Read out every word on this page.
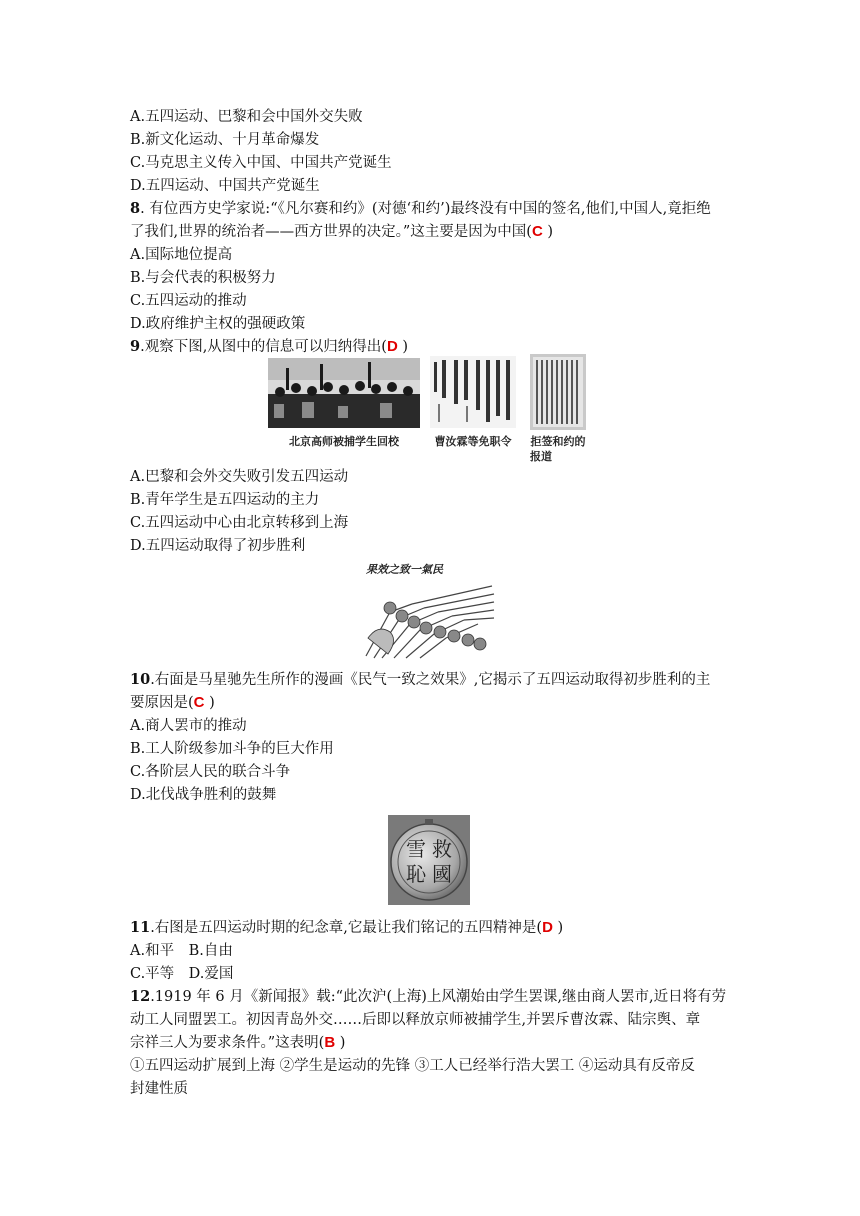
A.五四运动、巴黎和会中国外交失败
B.新文化运动、十月革命爆发
C.马克思主义传入中国、中国共产党诞生
D.五四运动、中国共产党诞生
8. 有位西方史学家说:“《凡尔赛和约》(对德‘和约’)最终没有中国的签名,他们,中国人,竟拒绝
了我们,世界的统治者——西方世界的决定。”这主要是因为中国(C )
A.国际地位提高
B.与会代表的积极努力
C.五四运动的推动
D.政府维护主权的强硬政策
9.观察下图,从图中的信息可以归纳得出(D )
北京高师被捕学生回校	曹汝霖等免职令	拒签和约的
报道
A.巴黎和会外交失败引发五四运动
B.青年学生是五四运动的主力
C.五四运动中心由北京转移到上海
D.五四运动取得了初步胜利
果效之致一氣民
10.右面是马星驰先生所作的漫画《民气一致之效果》,它揭示了五四运动取得初步胜利的主
要原因是(C )
A.商人罢市的推动
B.工人阶级参加斗争的巨大作用
C.各阶层人民的联合斗争
D.北伐战争胜利的鼓舞
雪 救
恥 國
11.右图是五四运动时期的纪念章,它最让我们铭记的五四精神是(D )
A.和平　B.自由
C.平等　D.爱国
12.1919 年 6 月《新闻报》载:“此次沪(上海)上风潮始由学生罢课,继由商人罢市,近日将有劳
动工人同盟罢工。初因青岛外交……后即以释放京师被捕学生,并罢斥曹汝霖、陆宗舆、章
宗祥三人为要求条件。”这表明(B )
①五四运动扩展到上海 ②学生是运动的先锋 ③工人已经举行浩大罢工 ④运动具有反帝反
封建性质
